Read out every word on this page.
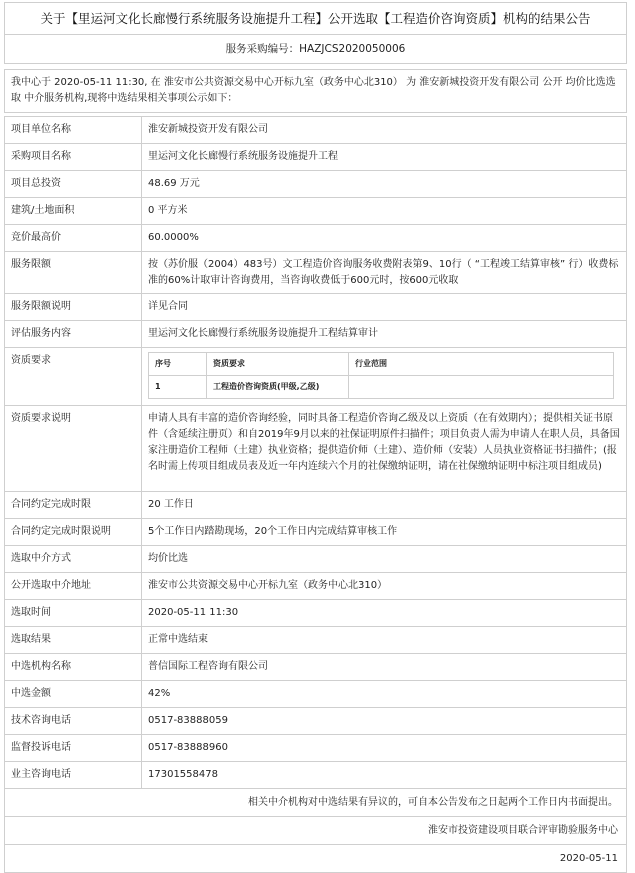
关于【里运河文化长廊慢行系统服务设施提升工程】公开选取【工程造价咨询资质】机构的结果公告
服务采购编号：HAZJCS2020050006
我中心于 2020-05-11 11:30, 在 淮安市公共资源交易中心开标九室（政务中心北310） 为 淮安新城投资开发有限公司 公开 均价比选选取 中介服务机构,现将中选结果相关事项公示如下：
项目单位名称	淮安新城投资开发有限公司
采购项目名称	里运河文化长廊慢行系统服务设施提升工程
项目总投资	48.69 万元
建筑/土地面积	0 平方米
竞价最高价	60.0000%
服务限额	按（苏价服（2004）483号）文工程造价咨询服务收费附表第9、10行（ “工程竣工结算审核” 行）收费标准的60%计取审计咨询费用，当咨询收费低于600元时，按600元收取
服务限额说明	详见合同
评估服务内容	里运河文化长廊慢行系统服务设施提升工程结算审计
资质要求		序号	资质要求	行业范围
1	工程造价咨询资质(甲级,乙级)	

资质要求说明	申请人具有丰富的造价咨询经验，同时具备工程造价咨询乙级及以上资质（在有效期内）；提供相关证书原件（含延续注册页）和自2019年9月以来的社保证明原件扫描件；项目负责人需为申请人在职人员，具备国家注册造价工程师（土建）执业资格；提供造价师（土建）、造价师（安装）人员执业资格证书扫描件；(报名时需上传项目组成员表及近一年内连续六个月的社保缴纳证明，请在社保缴纳证明中标注项目组成员)
合同约定完成时限	20 工作日
合同约定完成时限说明	5个工作日内踏勘现场，20个工作日内完成结算审核工作
选取中介方式	均价比选
公开选取中介地址	淮安市公共资源交易中心开标九室（政务中心北310）
选取时间	2020-05-11 11:30
选取结果	正常中选结束
中选机构名称	普信国际工程咨询有限公司
中选金额	42%
技术咨询电话	0517-83888059
监督投诉电话	0517-83888960
业主咨询电话	17301558478
相关中介机构对中选结果有异议的，可自本公告发布之日起两个工作日内书面提出。
淮安市投资建设项目联合评审勘验服务中心
2020-05-11
